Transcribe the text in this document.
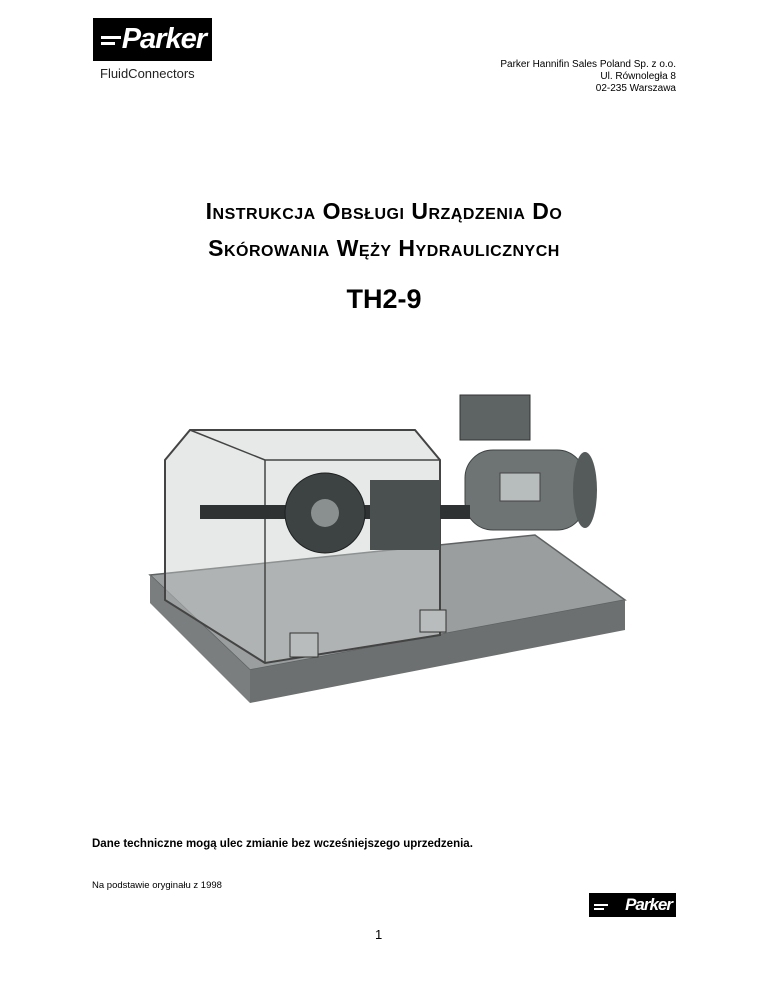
Parker
FluidConnectors
Parker Hannifin Sales Poland Sp. z o.o.
Ul. Równoległa 8
02-235 Warszawa
Instrukcja Obsługi Urządzenia Do
Skórowania Węży Hydraulicznych
TH2-9
Dane techniczne mogą ulec zmianie bez wcześniejszego uprzedzenia.
Na podstawie oryginału z 1998
1
Parker
